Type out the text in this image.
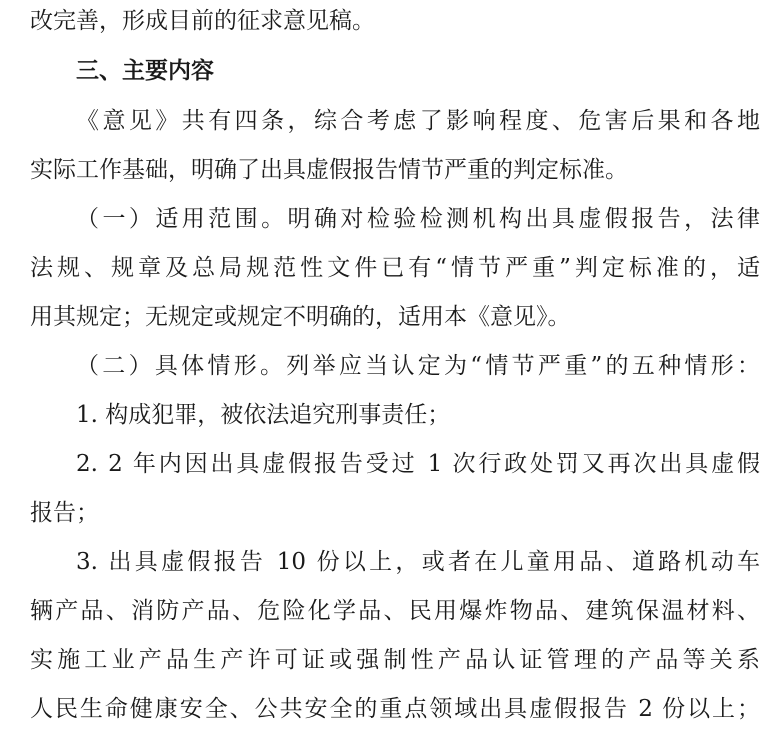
改完善，形成目前的征求意见稿。
三、主要内容
《意见》共有四条，综合考虑了影响程度、危害后果和各地
实际工作基础，明确了出具虚假报告情节严重的判定标准。
（一）适用范围。明确对检验检测机构出具虚假报告，法律
法规、规章及总局规范性文件已有“情节严重”判定标准的，适
用其规定；无规定或规定不明确的，适用本《意见》。
（二）具体情形。列举应当认定为“情节严重”的五种情形：
1. 构成犯罪，被依法追究刑事责任；
2. 2 年内因出具虚假报告受过 1 次行政处罚又再次出具虚假
报告；
3. 出具虚假报告 10 份以上，或者在儿童用品、道路机动车
辆产品、消防产品、危险化学品、民用爆炸物品、建筑保温材料、
实施工业产品生产许可证或强制性产品认证管理的产品等关系
人民生命健康安全、公共安全的重点领域出具虚假报告 2 份以上；
